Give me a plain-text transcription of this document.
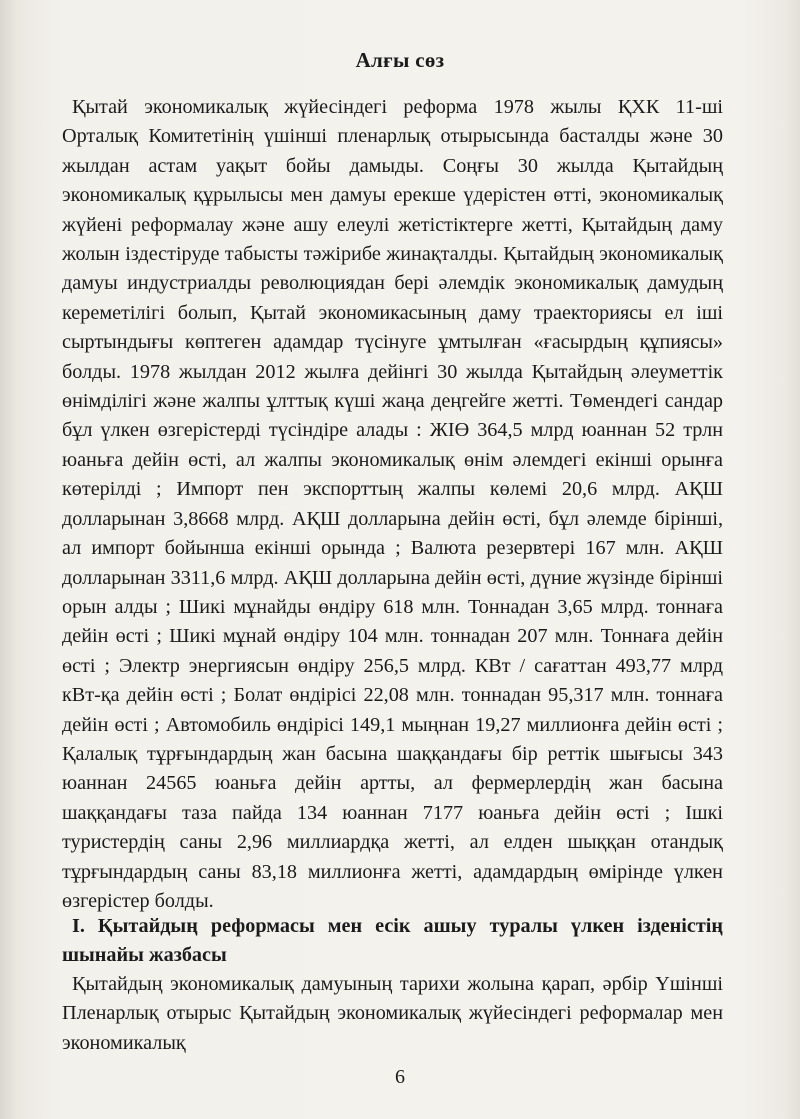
Алғы сөз

Қытай экономикалық жүйесіндегі реформа 1978 жылы ҚХК 11-ші Орталық Комитетінің үшінші пленарлық отырысында басталды және 30 жылдан астам уақыт бойы дамыды. Соңғы 30 жылда Қытайдың экономикалық құрылысы мен дамуы ерекше үдерістен өтті, экономикалық жүйені реформалау және ашу елеулі жетістіктерге жетті, Қытайдың даму жолын іздестіруде табысты тәжірибе жинақталды. Қытайдың экономикалық дамуы индустриалды революциядан бері әлемдік экономикалық дамудың кереметілігі болып, Қытай экономикасының даму траекториясы ел іші сыртындығы көптеген адамдар түсінуге ұмтылған «ғасырдың құпиясы» болды. 1978 жылдан 2012 жылға дейінгі 30 жылда Қытайдың әлеуметтік өнімділігі және жалпы ұлттық күші жаңа деңгейге жетті. Төмендегі сандар бұл үлкен өзгерістерді түсіндіре алады : ЖІӨ 364,5 млрд юаннан 52 трлн юаньға дейін өсті, ал жалпы экономикалық өнім әлемдегі екінші орынға көтерілді ; Импорт пен экспорттың жалпы көлемі 20,6 млрд. АҚШ долларынан 3,8668 млрд. АҚШ долларына дейін өсті, бұл әлемде бірінші, ал импорт бойынша екінші орында ; Валюта резервтері 167 млн. АҚШ долларынан 3311,6 млрд. АҚШ долларына дейін өсті, дүние жүзінде бірінші орын алды ; Шикі мұнайды өндіру 618 млн. Тоннадан 3,65 млрд. тоннаға дейін өсті ; Шикі мұнай өндіру 104 млн. тоннадан 207 млн. Тоннаға дейін өсті ; Электр энергиясын өндіру 256,5 млрд. КВт / сағаттан 493,77 млрд кВт-қа дейін өсті ; Болат өндірісі 22,08 млн. тоннадан 95,317 млн. тоннаға дейін өсті ; Автомобиль өндірісі 149,1 мыңнан 19,27 миллионға дейін өсті ; Қалалық тұрғындардың жан басына шаққандағы бір реттік шығысы 343 юаннан 24565 юаньға дейін артты, ал фермерлердің жан басына шаққандағы таза пайда 134 юаннан 7177 юаньға дейін өсті ; Ішкі туристердің саны 2,96 миллиардқа жетті, ал елден шыққан отандық тұрғындардың саны 83,18 миллионға жетті, адамдардың өмірінде үлкен өзгерістер болды.

I. Қытайдың реформасы мен есік ашыу туралы үлкен ізденістің шынайы жазбасы

Қытайдың экономикалық дамуының тарихи жолына қарап, әрбір Үшінші Пленарлық отырыс Қытайдың экономикалық жүйесіндегі реформалар мен экономикалық

6
